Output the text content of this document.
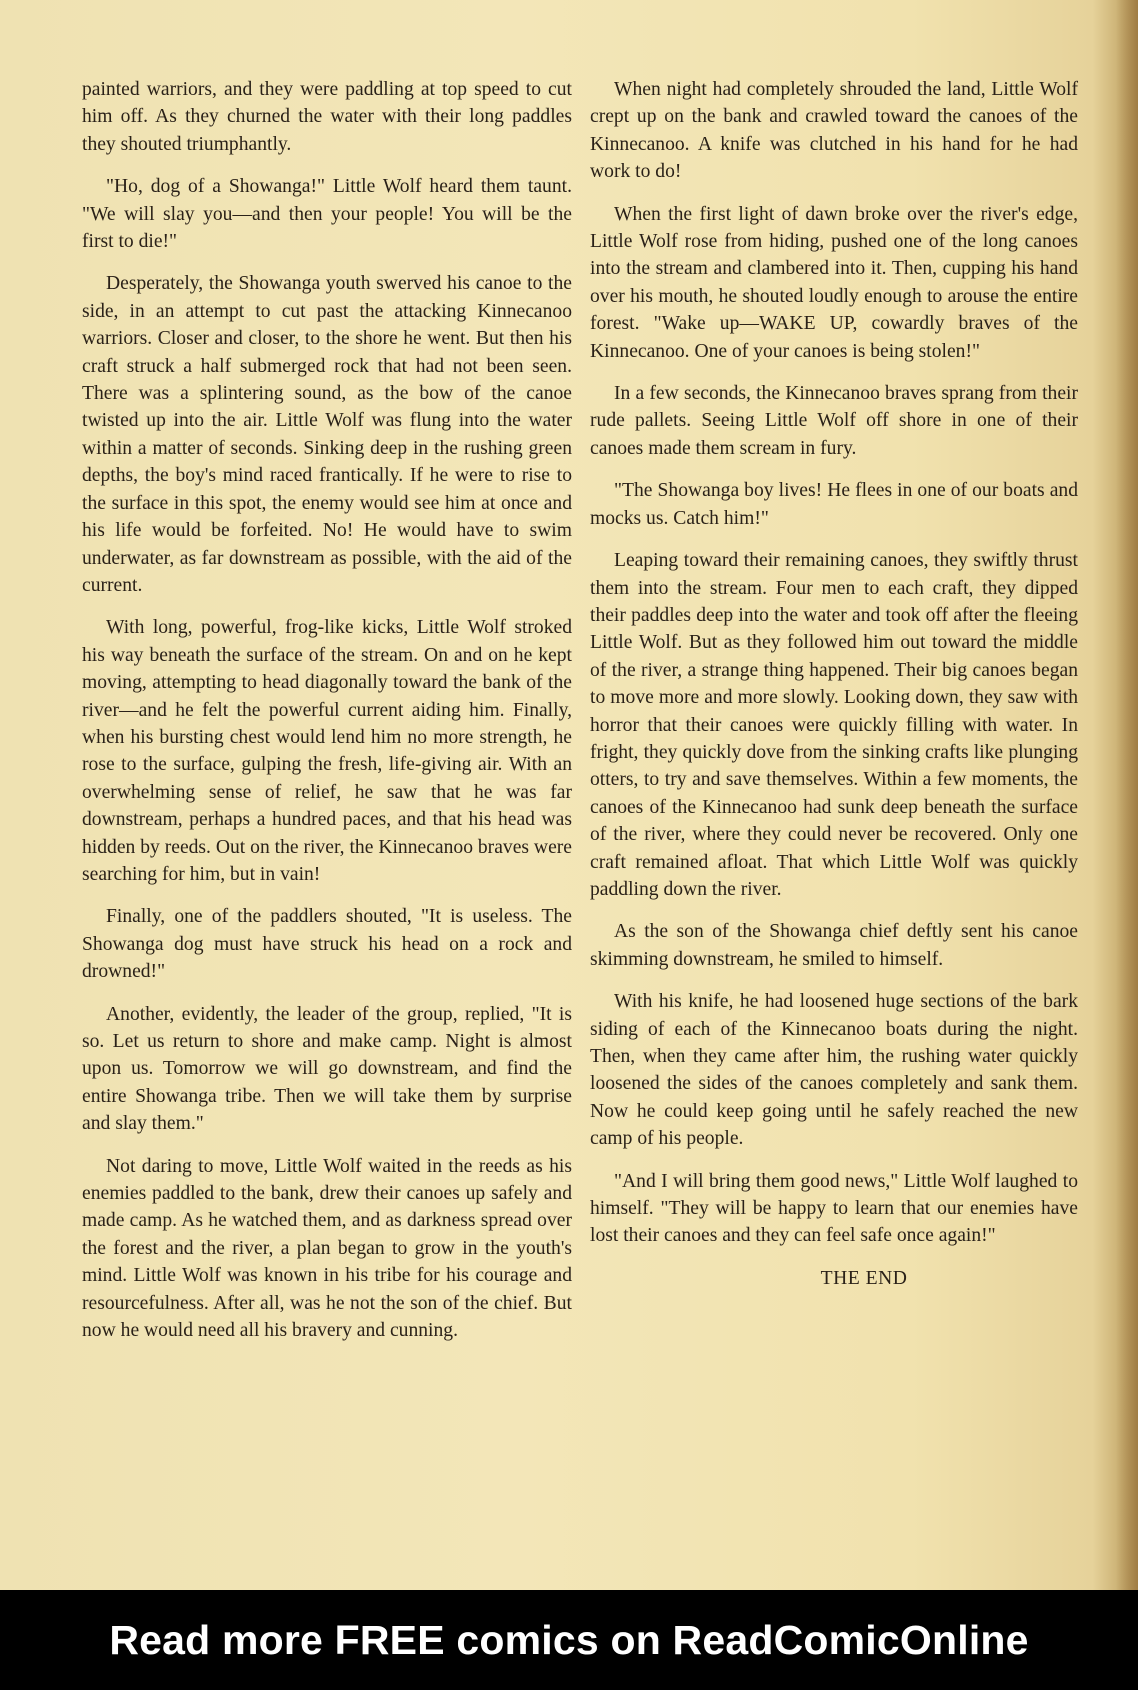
painted warriors, and they were paddling at top speed to cut him off. As they churned the water with their long paddles they shouted triumphantly.

"Ho, dog of a Showanga!" Little Wolf heard them taunt. "We will slay you—and then your people! You will be the first to die!"

Desperately, the Showanga youth swerved his canoe to the side, in an attempt to cut past the attacking Kinnecanoo warriors. Closer and closer, to the shore he went. But then his craft struck a half submerged rock that had not been seen. There was a splintering sound, as the bow of the canoe twisted up into the air. Little Wolf was flung into the water within a matter of seconds. Sinking deep in the rushing green depths, the boy's mind raced frantically. If he were to rise to the surface in this spot, the enemy would see him at once and his life would be forfeited. No! He would have to swim underwater, as far downstream as possible, with the aid of the current.

With long, powerful, frog-like kicks, Little Wolf stroked his way beneath the surface of the stream. On and on he kept moving, attempting to head diagonally toward the bank of the river—and he felt the powerful current aiding him. Finally, when his bursting chest would lend him no more strength, he rose to the surface, gulping the fresh, life-giving air. With an overwhelming sense of relief, he saw that he was far downstream, perhaps a hundred paces, and that his head was hidden by reeds. Out on the river, the Kinnecanoo braves were searching for him, but in vain!

Finally, one of the paddlers shouted, "It is useless. The Showanga dog must have struck his head on a rock and drowned!"

Another, evidently, the leader of the group, replied, "It is so. Let us return to shore and make camp. Night is almost upon us. Tomorrow we will go downstream, and find the entire Showanga tribe. Then we will take them by surprise and slay them."

Not daring to move, Little Wolf waited in the reeds as his enemies paddled to the bank, drew their canoes up safely and made camp. As he watched them, and as darkness spread over the forest and the river, a plan began to grow in the youth's mind. Little Wolf was known in his tribe for his courage and resourcefulness. After all, was he not the son of the chief. But now he would need all his bravery and cunning.

When night had completely shrouded the land, Little Wolf crept up on the bank and crawled toward the canoes of the Kinnecanoo. A knife was clutched in his hand for he had work to do!

When the first light of dawn broke over the river's edge, Little Wolf rose from hiding, pushed one of the long canoes into the stream and clambered into it. Then, cupping his hand over his mouth, he shouted loudly enough to arouse the entire forest. "Wake up—WAKE UP, cowardly braves of the Kinnecanoo. One of your canoes is being stolen!"

In a few seconds, the Kinnecanoo braves sprang from their rude pallets. Seeing Little Wolf off shore in one of their canoes made them scream in fury.

"The Showanga boy lives! He flees in one of our boats and mocks us. Catch him!"

Leaping toward their remaining canoes, they swiftly thrust them into the stream. Four men to each craft, they dipped their paddles deep into the water and took off after the fleeing Little Wolf. But as they followed him out toward the middle of the river, a strange thing happened. Their big canoes began to move more and more slowly. Looking down, they saw with horror that their canoes were quickly filling with water. In fright, they quickly dove from the sinking crafts like plunging otters, to try and save themselves. Within a few moments, the canoes of the Kinnecanoo had sunk deep beneath the surface of the river, where they could never be recovered. Only one craft remained afloat. That which Little Wolf was quickly paddling down the river.

As the son of the Showanga chief deftly sent his canoe skimming downstream, he smiled to himself.

With his knife, he had loosened huge sections of the bark siding of each of the Kinnecanoo boats during the night. Then, when they came after him, the rushing water quickly loosened the sides of the canoes completely and sank them. Now he could keep going until he safely reached the new camp of his people.

"And I will bring them good news," Little Wolf laughed to himself. "They will be happy to learn that our enemies have lost their canoes and they can feel safe once again!"

THE END

Read more FREE comics on ReadComicOnline
